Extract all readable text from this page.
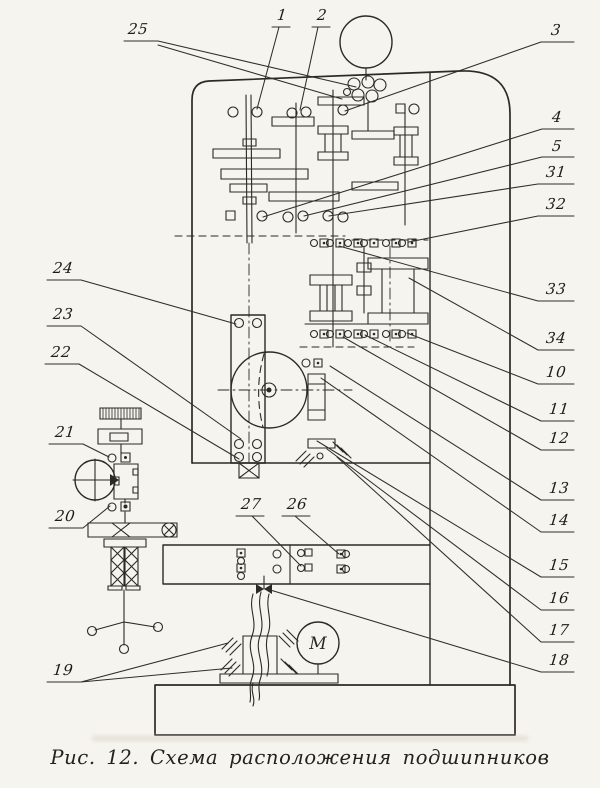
М
25
1 2
3
4
5
31
32
33
34
10
11
12
13
14
15
16
17
18
24
23
22
21
20
19
27 26
Рис. 12. Схема расположения подшипников
